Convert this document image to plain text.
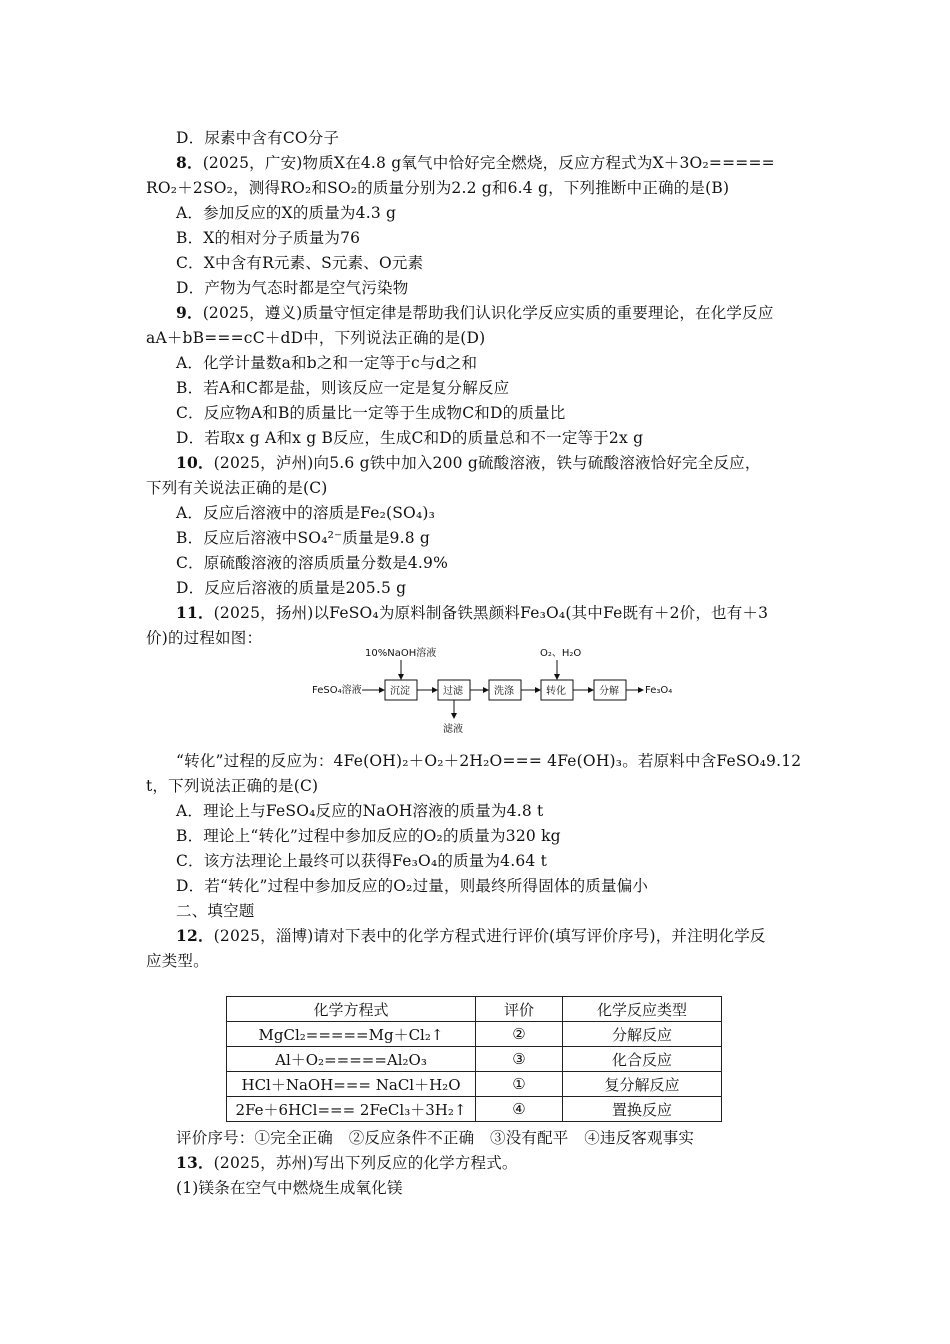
D．尿素中含有CO分子
8．(2025，广安)物质X在4.8 g氧气中恰好完全燃烧，反应方程式为X＋3O₂=====
RO₂＋2SO₂，测得RO₂和SO₂的质量分别为2.2 g和6.4 g，下列推断中正确的是(B)
A．参加反应的X的质量为4.3 g
B．X的相对分子质量为76
C．X中含有R元素、S元素、O元素
D．产物为气态时都是空气污染物
9．(2025，遵义)质量守恒定律是帮助我们认识化学反应实质的重要理论，在化学反应
aA＋bB===cC＋dD中，下列说法正确的是(D)
A．化学计量数a和b之和一定等于c与d之和
B．若A和C都是盐，则该反应一定是复分解反应
C．反应物A和B的质量比一定等于生成物C和D的质量比
D．若取x g A和x g B反应，生成C和D的质量总和不一定等于2x g
10．(2025，泸州)向5.6 g铁中加入200 g硫酸溶液，铁与硫酸溶液恰好完全反应，
下列有关说法正确的是(C)
A．反应后溶液中的溶质是Fe₂(SO₄)₃
B．反应后溶液中SO₄²⁻质量是9.8 g
C．原硫酸溶液的溶质质量分数是4.9%
D．反应后溶液的质量是205.5 g
11．(2025，扬州)以FeSO₄为原料制备铁黑颜料Fe₃O₄(其中Fe既有＋2价，也有＋3
价)的过程如图：
FeSO₄溶液	沉淀	过滤	洗涤	转化	分解	Fe₃O₄
10%NaOH溶液	O₂、H₂O
滤液
“转化”过程的反应为：4Fe(OH)₂＋O₂＋2H₂O=== 4Fe(OH)₃。若原料中含FeSO₄9.12
t，下列说法正确的是(C)
A．理论上与FeSO₄反应的NaOH溶液的质量为4.8 t
B．理论上“转化”过程中参加反应的O₂的质量为320 kg
C．该方法理论上最终可以获得Fe₃O₄的质量为4.64 t
D．若“转化”过程中参加反应的O₂过量，则最终所得固体的质量偏小
二、填空题
12．(2025，淄博)请对下表中的化学方程式进行评价(填写评价序号)，并注明化学反
应类型。
化学方程式	评价	化学反应类型
MgCl₂=====Mg＋Cl₂↑	②	分解反应
Al＋O₂=====Al₂O₃	③	化合反应
HCl＋NaOH=== NaCl＋H₂O	①	复分解反应
2Fe＋6HCl=== 2FeCl₃＋3H₂↑	④	置换反应
评价序号：①完全正确　②反应条件不正确　③没有配平　④违反客观事实
13．(2025，苏州)写出下列反应的化学方程式。
(1)镁条在空气中燃烧生成氧化镁
